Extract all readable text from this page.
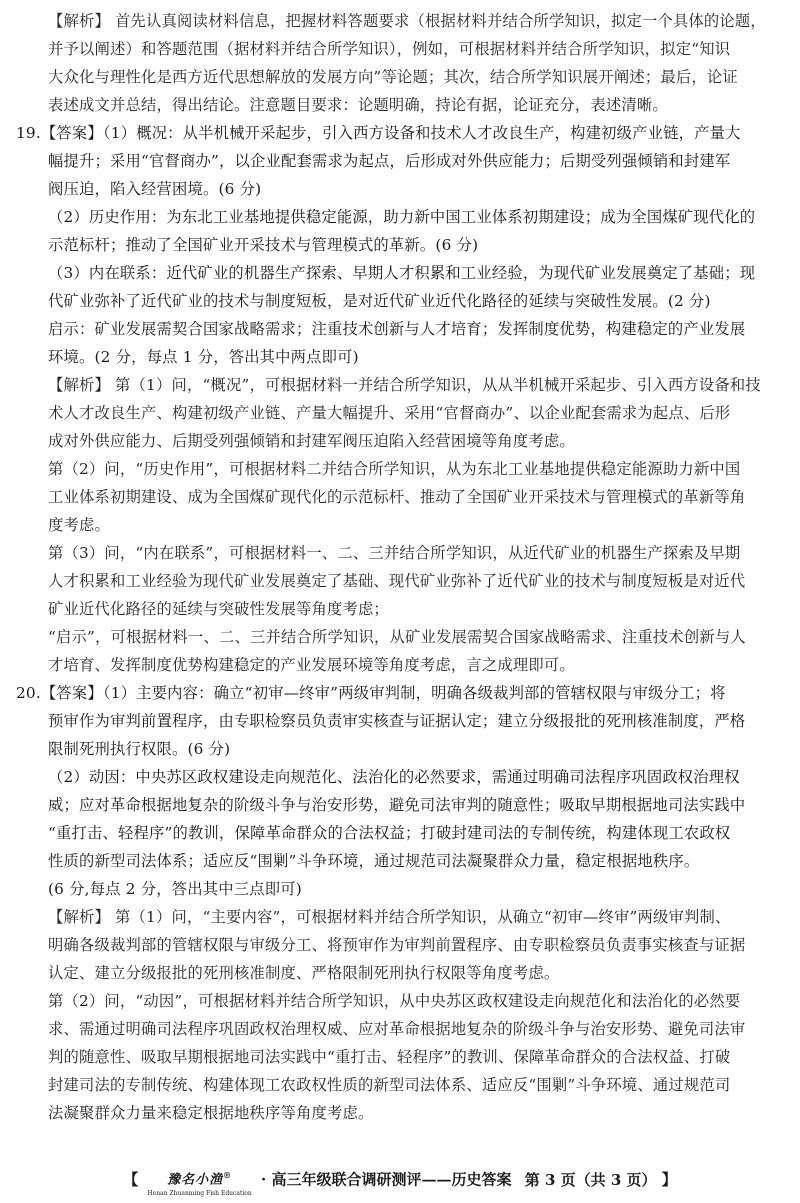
【解析】 首先认真阅读材料信息，把握材料答题要求（根据材料并结合所学知识，拟定一个具体的论题，
并予以阐述）和答题范围（据材料并结合所学知识），例如，可根据材料并结合所学知识，拟定“知识
大众化与理性化是西方近代思想解放的发展方向”等论题；其次，结合所学知识展开阐述；最后，论证
表述成文并总结，得出结论。注意题目要求：论题明确，持论有据，论证充分，表述清晰。
19.【答案】（1）概况：从半机械开采起步，引入西方设备和技术人才改良生产，构建初级产业链，产量大
幅提升；采用“官督商办”，以企业配套需求为起点，后形成对外供应能力；后期受列强倾销和封建军
阀压迫，陷入经营困境。(6 分)
（2）历史作用：为东北工业基地提供稳定能源，助力新中国工业体系初期建设；成为全国煤矿现代化的
示范标杆；推动了全国矿业开采技术与管理模式的革新。(6 分)
（3）内在联系：近代矿业的机器生产探索、早期人才积累和工业经验，为现代矿业发展奠定了基础；现
代矿业弥补了近代矿业的技术与制度短板，是对近代矿业近代化路径的延续与突破性发展。(2 分)
启示：矿业发展需契合国家战略需求；注重技术创新与人才培育；发挥制度优势，构建稳定的产业发展
环境。(2 分，每点 1 分，答出其中两点即可)
【解析】 第（1）问，“概况”，可根据材料一并结合所学知识，从从半机械开采起步、引入西方设备和技
术人才改良生产、构建初级产业链、产量大幅提升、采用“官督商办”、以企业配套需求为起点、后形
成对外供应能力、后期受列强倾销和封建军阀压迫陷入经营困境等角度考虑。
第（2）问，“历史作用”，可根据材料二并结合所学知识，从为东北工业基地提供稳定能源助力新中国
工业体系初期建设、成为全国煤矿现代化的示范标杆、推动了全国矿业开采技术与管理模式的革新等角
度考虑。
第（3）问，“内在联系”，可根据材料一、二、三并结合所学知识，从近代矿业的机器生产探索及早期
人才积累和工业经验为现代矿业发展奠定了基础、现代矿业弥补了近代矿业的技术与制度短板是对近代
矿业近代化路径的延续与突破性发展等角度考虑；
“启示”，可根据材料一、二、三并结合所学知识，从矿业发展需契合国家战略需求、注重技术创新与人
才培育、发挥制度优势构建稳定的产业发展环境等角度考虑，言之成理即可。
20.【答案】（1）主要内容：确立“初审—终审”两级审判制，明确各级裁判部的管辖权限与审级分工；将
预审作为审判前置程序，由专职检察员负责审实核查与证据认定；建立分级报批的死刑核准制度，严格
限制死刑执行权限。(6 分)
（2）动因：中央苏区政权建设走向规范化、法治化的必然要求，需通过明确司法程序巩固政权治理权
威；应对革命根据地复杂的阶级斗争与治安形势，避免司法审判的随意性；吸取早期根据地司法实践中
“重打击、轻程序”的教训，保障革命群众的合法权益；打破封建司法的专制传统，构建体现工农政权
性质的新型司法体系；适应反“围剿”斗争环境，通过规范司法凝聚群众力量，稳定根据地秩序。
(6 分,每点 2 分，答出其中三点即可)
【解析】 第（1）问，“主要内容”，可根据材料并结合所学知识，从确立“初审—终审”两级审判制、
明确各级裁判部的管辖权限与审级分工、将预审作为审判前置程序、由专职检察员负责事实核查与证据
认定、建立分级报批的死刑核准制度、严格限制死刑执行权限等角度考虑。
第（2）问，“动因”，可根据材料并结合所学知识，从中央苏区政权建设走向规范化和法治化的必然要
求、需通过明确司法程序巩固政权治理权威、应对革命根据地复杂的阶级斗争与治安形势、避免司法审
判的随意性、吸取早期根据地司法实践中“重打击、轻程序”的教训、保障革命群众的合法权益、打破
封建司法的专制传统、构建体现工农政权性质的新型司法体系、适应反“围剿”斗争环境、通过规范司
法凝聚群众力量来稳定根据地秩序等角度考虑。
【 豫名小渔®
Henan Zhuanming Fish Education
· 高三年级联合调研测评——历史答案 第 3 页（共 3 页） 】
